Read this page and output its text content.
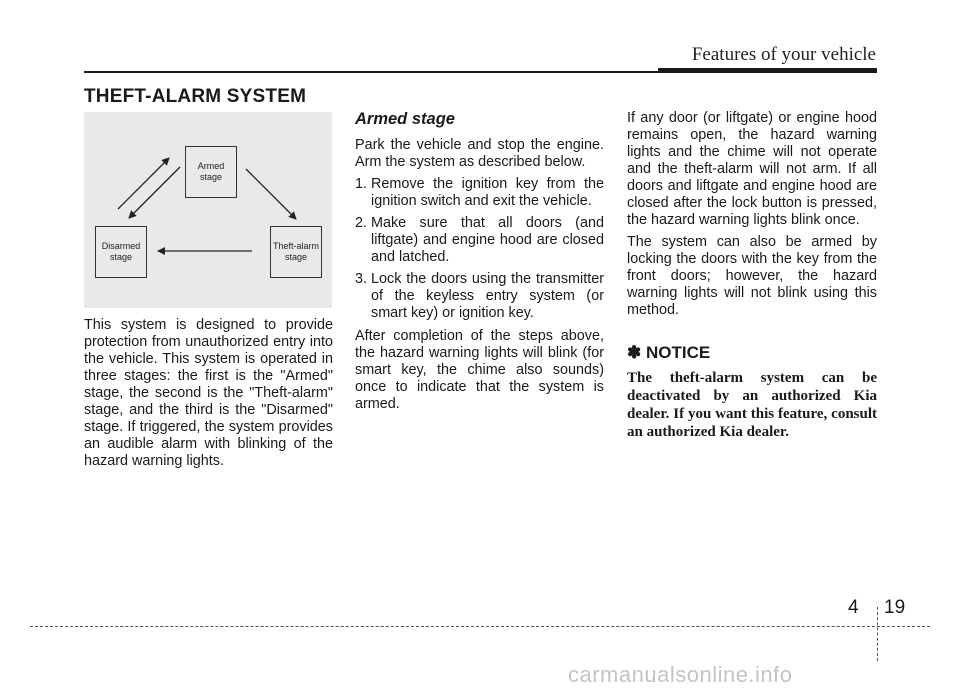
Features of your vehicle
THEFT-ALARM SYSTEM
Armed
stage
Disarmed
stage
Theft-alarm
stage

This system is designed to provide protection from unauthorized entry into the vehicle. This system is operated in three stages: the first is the "Armed" stage, the second is the "Theft-alarm" stage, and the third is the "Disarmed" stage. If triggered, the system provides an audible alarm with blinking of the hazard warning lights.

Armed stage

Park the vehicle and stop the engine. Arm the system as described below.

1. Remove the ignition key from the ignition switch and exit the vehicle.
2. Make sure that all doors (and liftgate) and engine hood are closed and latched.
3. Lock the doors using the transmitter of the keyless entry system (or smart key) or ignition key.

After completion of the steps above, the hazard warning lights will blink (for smart key, the chime also sounds) once to indicate that the system is armed.

If any door (or liftgate) or engine hood remains open, the hazard warning lights and the chime will not operate and the theft-alarm will not arm. If all doors and liftgate and engine hood are closed after the lock button is pressed, the hazard warning lights blink once.

The system can also be armed by locking the doors with the key from the front doors; however, the hazard warning lights will not blink using this method.

✽ NOTICE

The theft-alarm system can be deactivated by an authorized Kia dealer. If you want this feature, consult an authorized Kia dealer.

4 19
carmanualsonline.info
